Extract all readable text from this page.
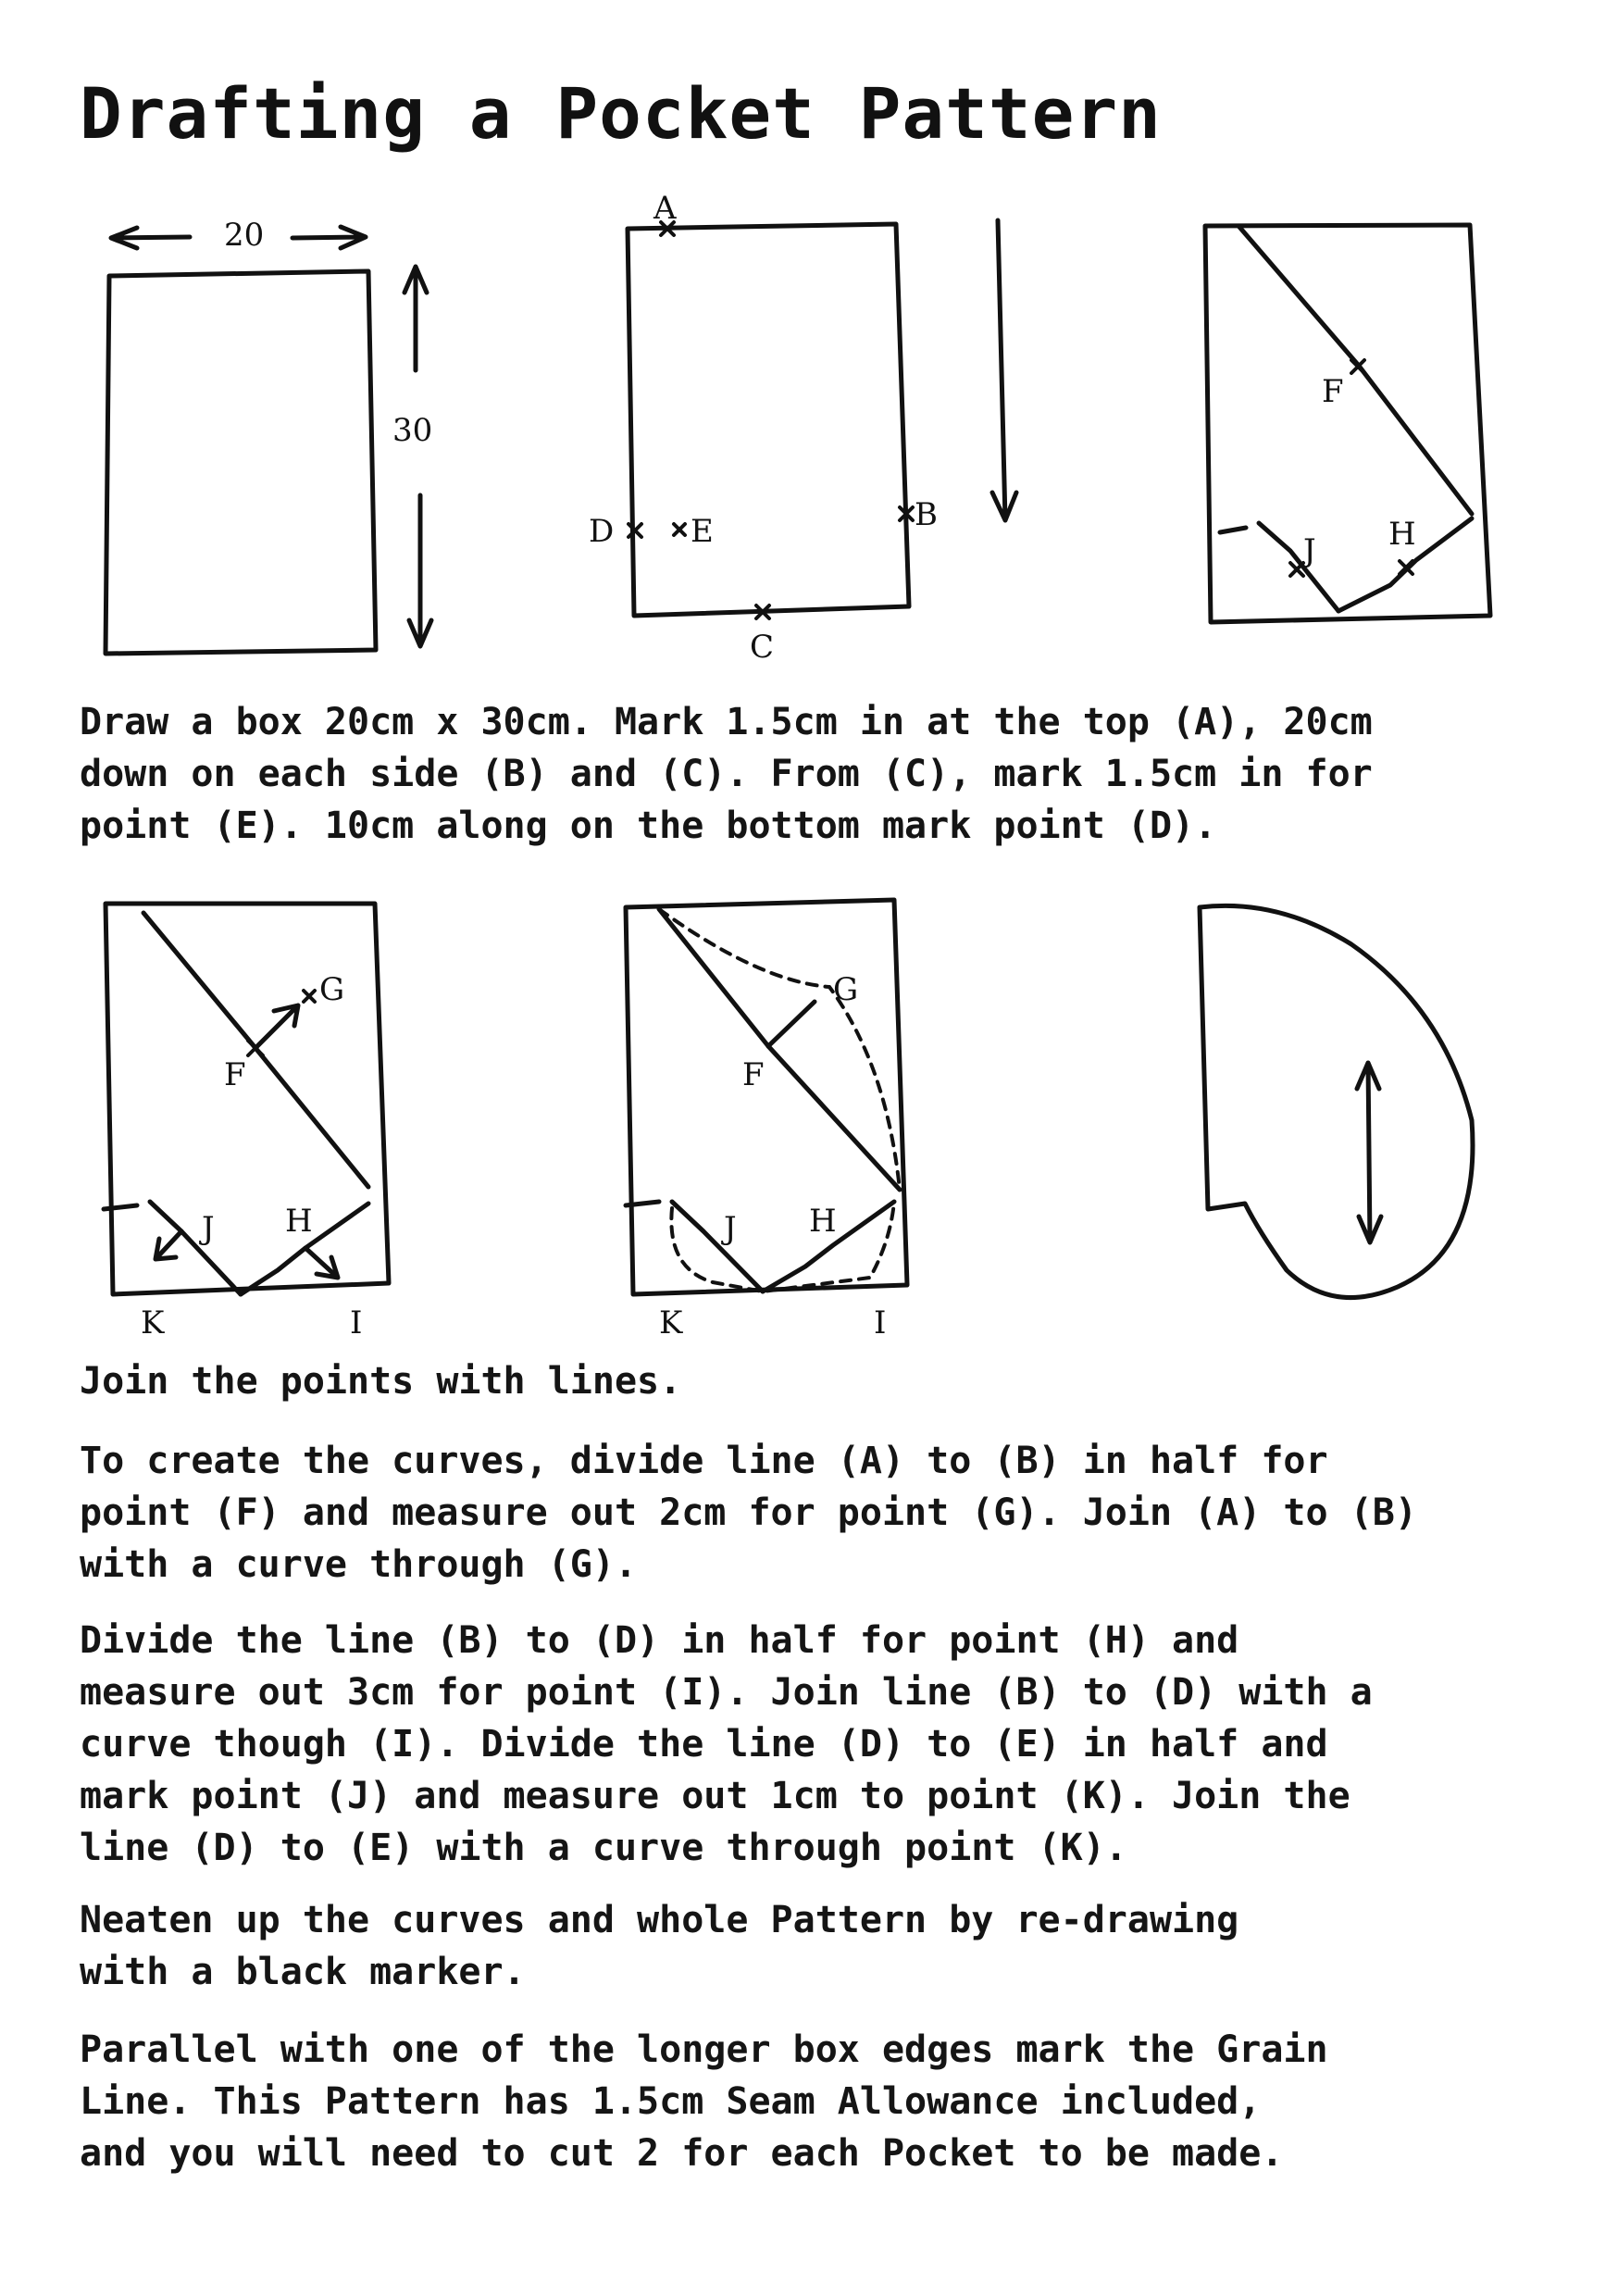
Drafting a Pocket Pattern
20
30
A
B
D E
C
F
J H
G
F
J H
K	I
G
F
J H
K	I
Draw a box 20cm x 30cm. Mark 1.5cm in at the top (A), 20cm
down on each side (B) and (C). From (C), mark 1.5cm in for
point (E). 10cm along on the bottom mark point (D).
Join the points with lines.
To create the curves, divide line (A) to (B) in half for
point (F) and measure out 2cm for point (G). Join (A) to (B)
with a curve through (G).
Divide the line (B) to (D) in half for point (H) and
measure out 3cm for point (I). Join line (B) to (D) with a
curve though (I). Divide the line (D) to (E) in half and
mark point (J) and measure out 1cm to point (K). Join the
line (D) to (E) with a curve through point (K).
Neaten up the curves and whole Pattern by re-drawing
with a black marker.
Parallel with one of the longer box edges mark the Grain
Line. This Pattern has 1.5cm Seam Allowance included,
and you will need to cut 2 for each Pocket to be made.
